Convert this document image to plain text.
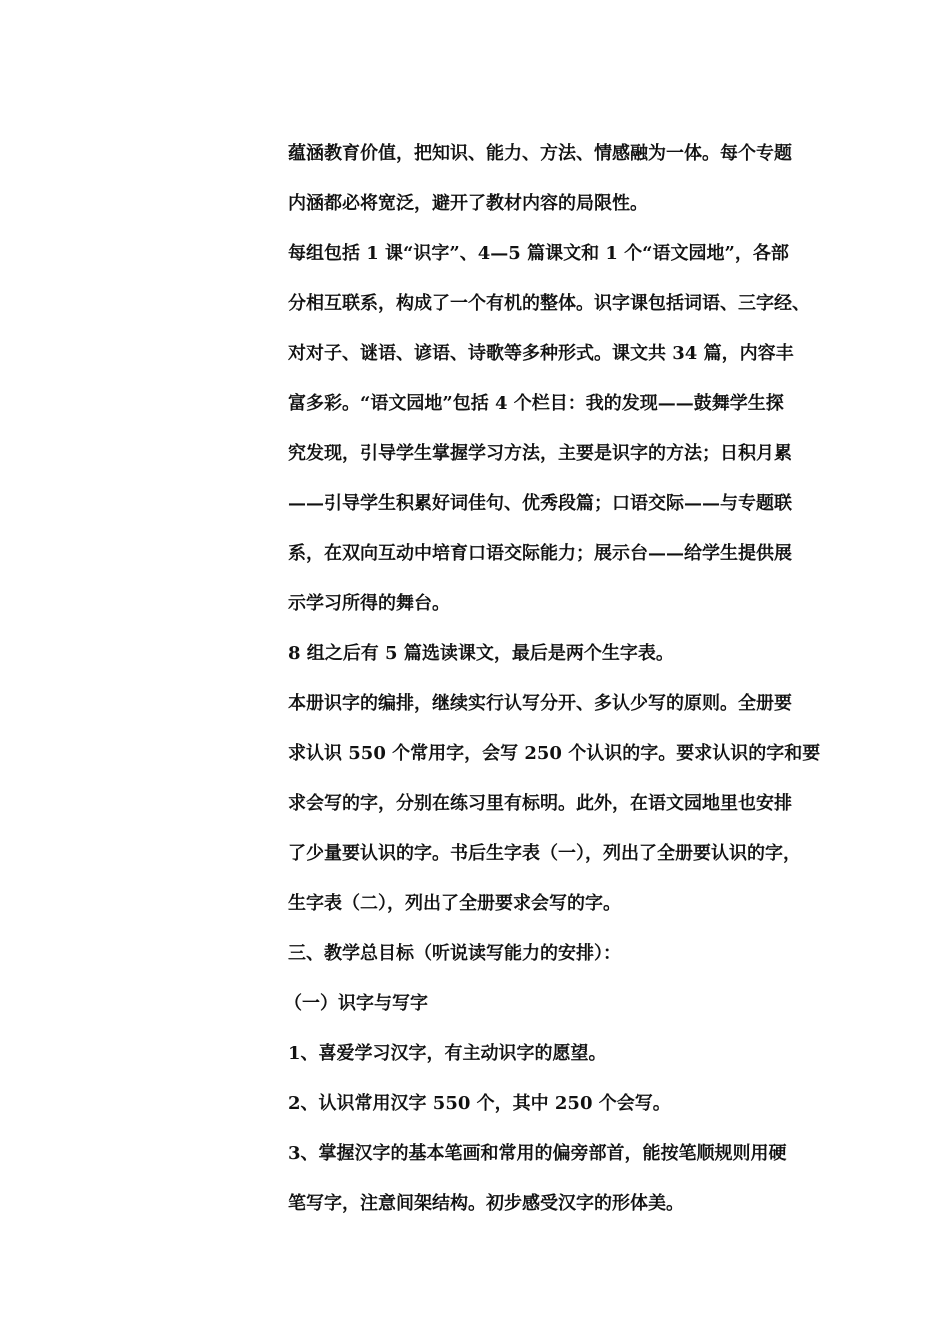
蕴涵教育价值，把知识、能力、方法、情感融为一体。每个专题
内涵都必将宽泛，避开了教材内容的局限性。
每组包括 1 课“识字”、4—5 篇课文和 1 个“语文园地”，各部
分相互联系，构成了一个有机的整体。识字课包括词语、三字经、
对对子、谜语、谚语、诗歌等多种形式。课文共 34 篇，内容丰
富多彩。“语文园地”包括 4 个栏目：我的发现——鼓舞学生探
究发现，引导学生掌握学习方法，主要是识字的方法；日积月累
——引导学生积累好词佳句、优秀段篇；口语交际——与专题联
系，在双向互动中培育口语交际能力；展示台——给学生提供展
示学习所得的舞台。
8 组之后有 5 篇选读课文，最后是两个生字表。
本册识字的编排，继续实行认写分开、多认少写的原则。全册要
求认识 550 个常用字，会写 250 个认识的字。要求认识的字和要
求会写的字，分别在练习里有标明。此外，在语文园地里也安排
了少量要认识的字。书后生字表（一），列出了全册要认识的字，
生字表（二），列出了全册要求会写的字。
三、教学总目标（听说读写能力的安排）：
（一）识字与写字
1、喜爱学习汉字，有主动识字的愿望。
2、认识常用汉字 550 个，其中 250 个会写。
3、掌握汉字的基本笔画和常用的偏旁部首，能按笔顺规则用硬
笔写字，注意间架结构。初步感受汉字的形体美。
